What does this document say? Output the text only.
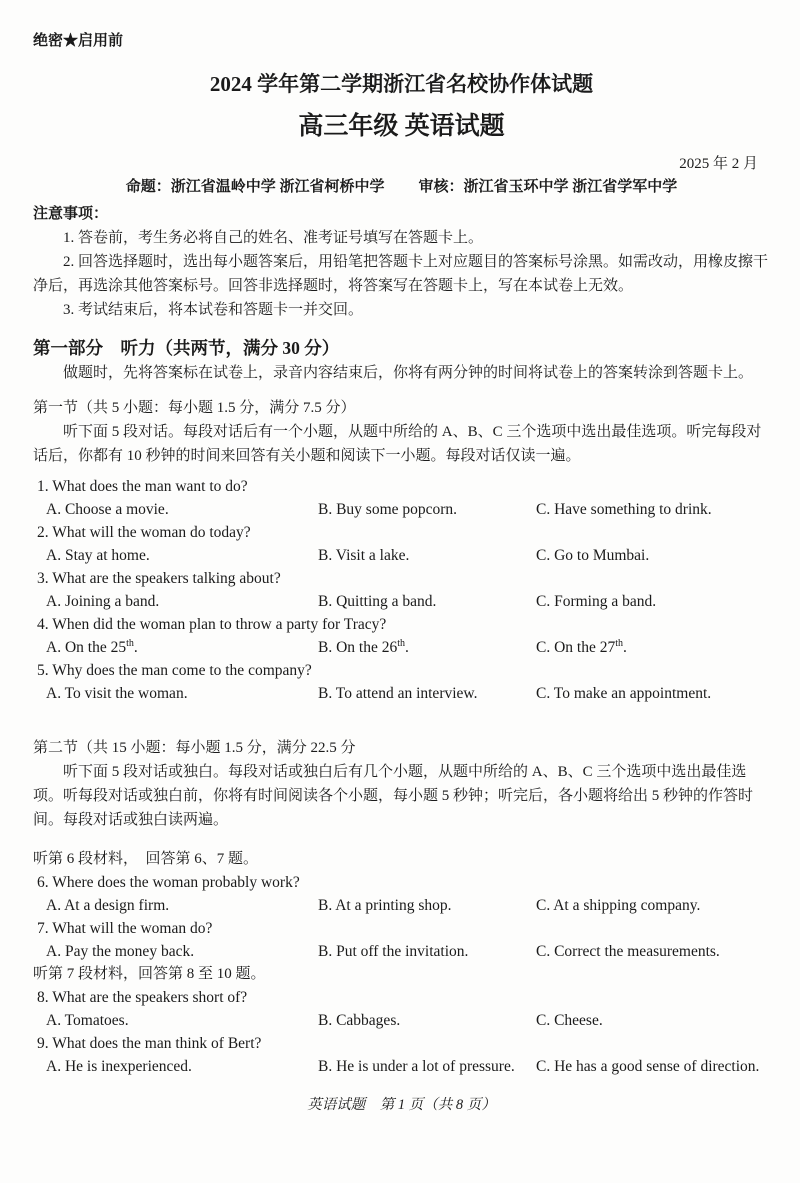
绝密★启用前
2024 学年第二学期浙江省名校协作体试题
高三年级 英语试题
2025 年 2 月
命题：浙江省温岭中学 浙江省柯桥中学 审核：浙江省玉环中学 浙江省学军中学
注意事项：

1. 答卷前，考生务必将自己的姓名、准考证号填写在答题卡上。

2. 回答选择题时，选出每小题答案后，用铅笔把答题卡上对应题目的答案标号涂黑。如需改动，用橡皮擦干净后，再选涂其他答案标号。回答非选择题时，将答案写在答题卡上，写在本试卷上无效。

3. 考试结束后，将本试卷和答题卡一并交回。

第一部分　听力（共两节，满分 30 分）

做题时，先将答案标在试卷上，录音内容结束后，你将有两分钟的时间将试卷上的答案转涂到答题卡上。

第一节（共 5 小题：每小题 1.5 分，满分 7.5 分）

听下面 5 段对话。每段对话后有一个小题，从题中所给的 A、B、C 三个选项中选出最佳选项。听完每段对话后，你都有 10 秒钟的时间来回答有关小题和阅读下一小题。每段对话仅读一遍。

1. What does the man want to do?
A. Choose a movie.	B. Buy some popcorn.	C. Have something to drink.
2. What will the woman do today?
A. Stay at home.	B. Visit a lake.	C. Go to Mumbai.
3. What are the speakers talking about?
A. Joining a band.	B. Quitting a band.	C. Forming a band.
4. When did the woman plan to throw a party for Tracy?
A. On the 25th.	B. On the 26th.	C. On the 27th.
5. Why does the man come to the company?
A. To visit the woman.	B. To attend an interview.	C. To make an appointment.
第二节（共 15 小题：每小题 1.5 分，满分 22.5 分

听下面 5 段对话或独白。每段对话或独白后有几个小题，从题中所给的 A、B、C 三个选项中选出最佳选项。听每段对话或独白前，你将有时间阅读各个小题，每小题 5 秒钟；听完后，各小题将给出 5 秒钟的作答时间。每段对话或独白读两遍。

听第 6 段材料，　回答第 6、7 题。
6. Where does the woman probably work?
A. At a design firm.	B. At a printing shop.	C. At a shipping company.
7. What will the woman do?
A. Pay the money back.	B. Put off the invitation.	C. Correct the measurements.
听第 7 段材料，回答第 8 至 10 题。
8. What are the speakers short of?
A. Tomatoes.	B. Cabbages.	C. Cheese.
9. What does the man think of Bert?
A. He is inexperienced.	B. He is under a lot of pressure.	C. He has a good sense of direction.
英语试题　第 1 页（共 8 页）
